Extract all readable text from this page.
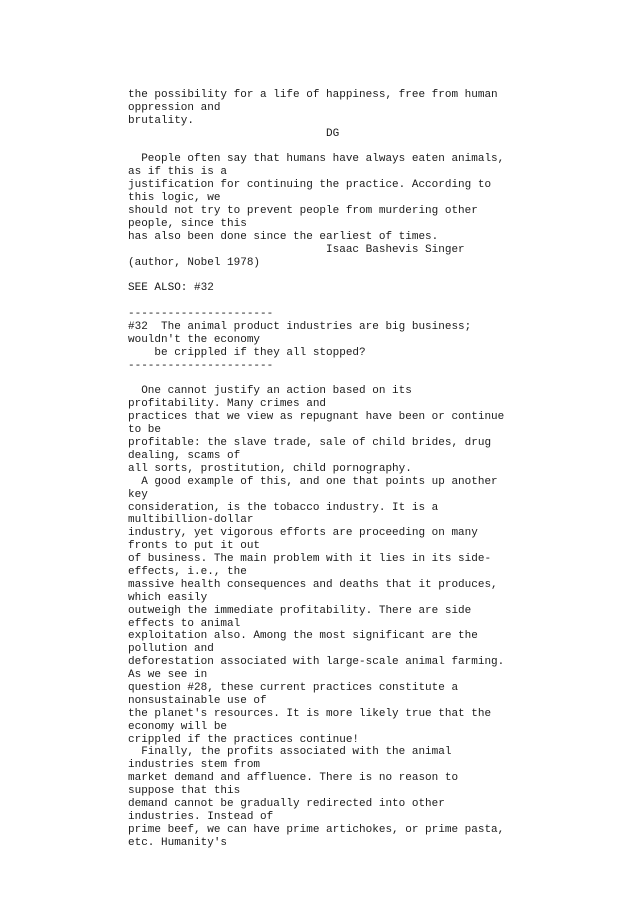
the possibility for a life of happiness, free from human
oppression and
brutality.
DG
People often say that humans have always eaten animals,
as if this is a
justification for continuing the practice. According to
this logic, we
should not try to prevent people from murdering other
people, since this
has also been done since the earliest of times.
Isaac Bashevis Singer
(author, Nobel 1978)
SEE ALSO: #32
----------------------
#32  The animal product industries are big business;
wouldn't the economy
be crippled if they all stopped?
----------------------
One cannot justify an action based on its
profitability. Many crimes and
practices that we view as repugnant have been or continue
to be
profitable: the slave trade, sale of child brides, drug
dealing, scams of
all sorts, prostitution, child pornography.
A good example of this, and one that points up another
key
consideration, is the tobacco industry. It is a
multibillion-dollar
industry, yet vigorous efforts are proceeding on many
fronts to put it out
of business. The main problem with it lies in its side-
effects, i.e., the
massive health consequences and deaths that it produces,
which easily
outweigh the immediate profitability. There are side
effects to animal
exploitation also. Among the most significant are the
pollution and
deforestation associated with large-scale animal farming.
As we see in
question #28, these current practices constitute a
nonsustainable use of
the planet's resources. It is more likely true that the
economy will be
crippled if the practices continue!
Finally, the profits associated with the animal
industries stem from
market demand and affluence. There is no reason to
suppose that this
demand cannot be gradually redirected into other
industries. Instead of
prime beef, we can have prime artichokes, or prime pasta,
etc. Humanity's
